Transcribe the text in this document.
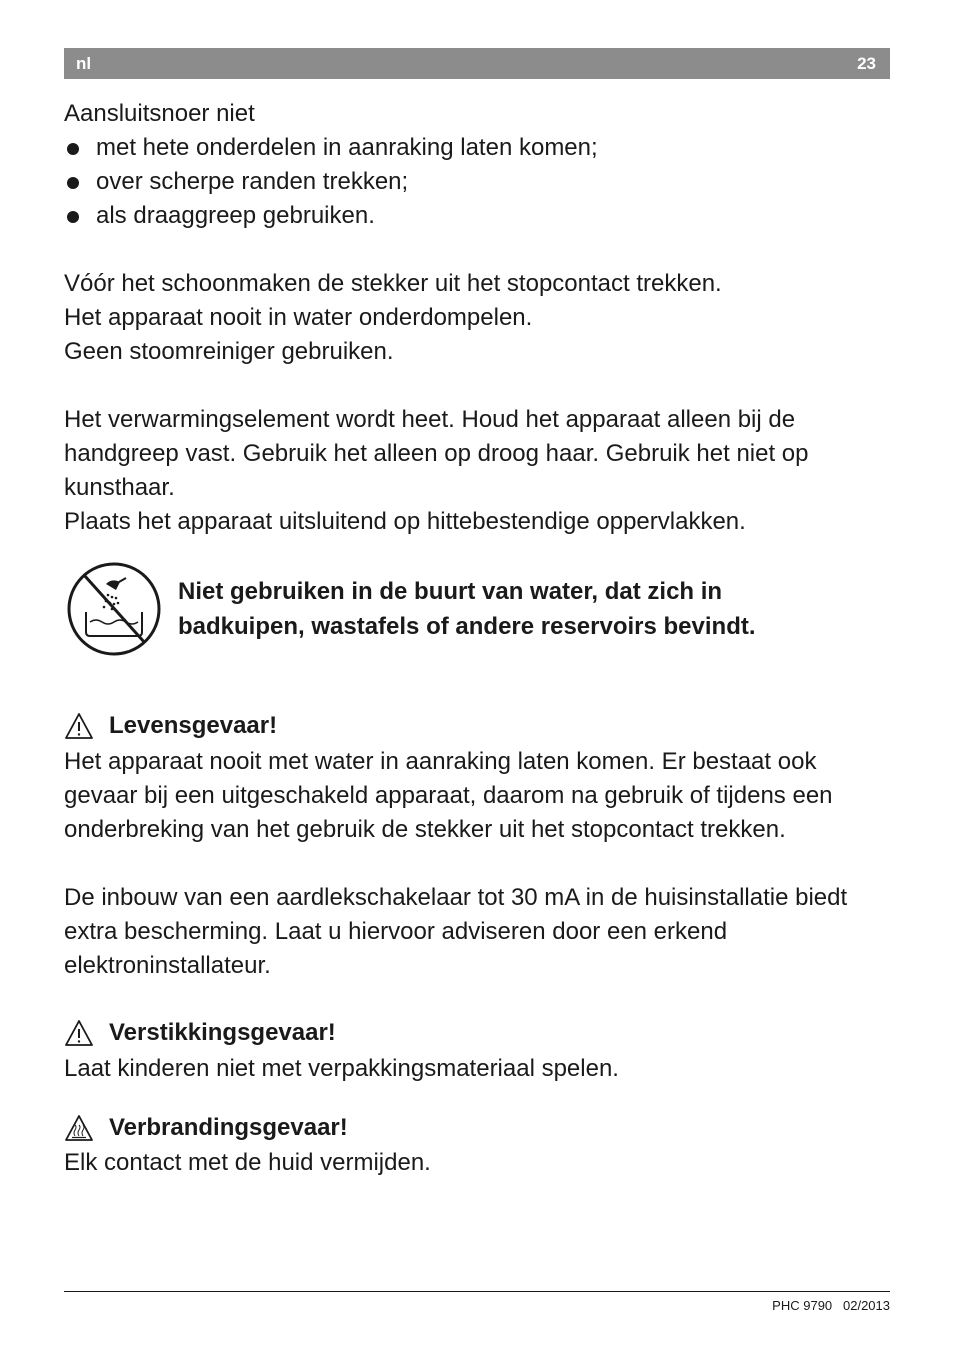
nl	23

Aansluitsnoer niet

met hete onderdelen in aanraking laten komen;
over scherpe randen trekken;
als draaggreep gebruiken.

Vóór het schoonmaken de stekker uit het stopcontact trekken.

Het apparaat nooit in water onderdompelen.

Geen stoomreiniger gebruiken.

Het verwarmingselement wordt heet. Houd het apparaat alleen bij de handgreep vast. Gebruik het alleen op droog haar. Gebruik het niet op kunsthaar.

Plaats het apparaat uitsluitend op hittebestendige oppervlakken.

Niet gebruiken in de buurt van water, dat zich in
badkuipen, wastafels of andere reservoirs bevindt.

Levensgevaar!

Het apparaat nooit met water in aanraking laten komen. Er bestaat ook gevaar bij een uitgeschakeld apparaat, daarom na gebruik of tijdens een onderbreking van het gebruik de stekker uit het stopcontact trekken.

De inbouw van een aardlekschakelaar tot 30 mA in de huisinstallatie biedt extra bescherming. Laat u hiervoor adviseren door een erkend elektroninstallateur.

Verstikkingsgevaar!

Laat kinderen niet met verpakkingsmateriaal spelen.

Verbrandingsgevaar!

Elk contact met de huid vermijden.

PHC 9790 02/2013
